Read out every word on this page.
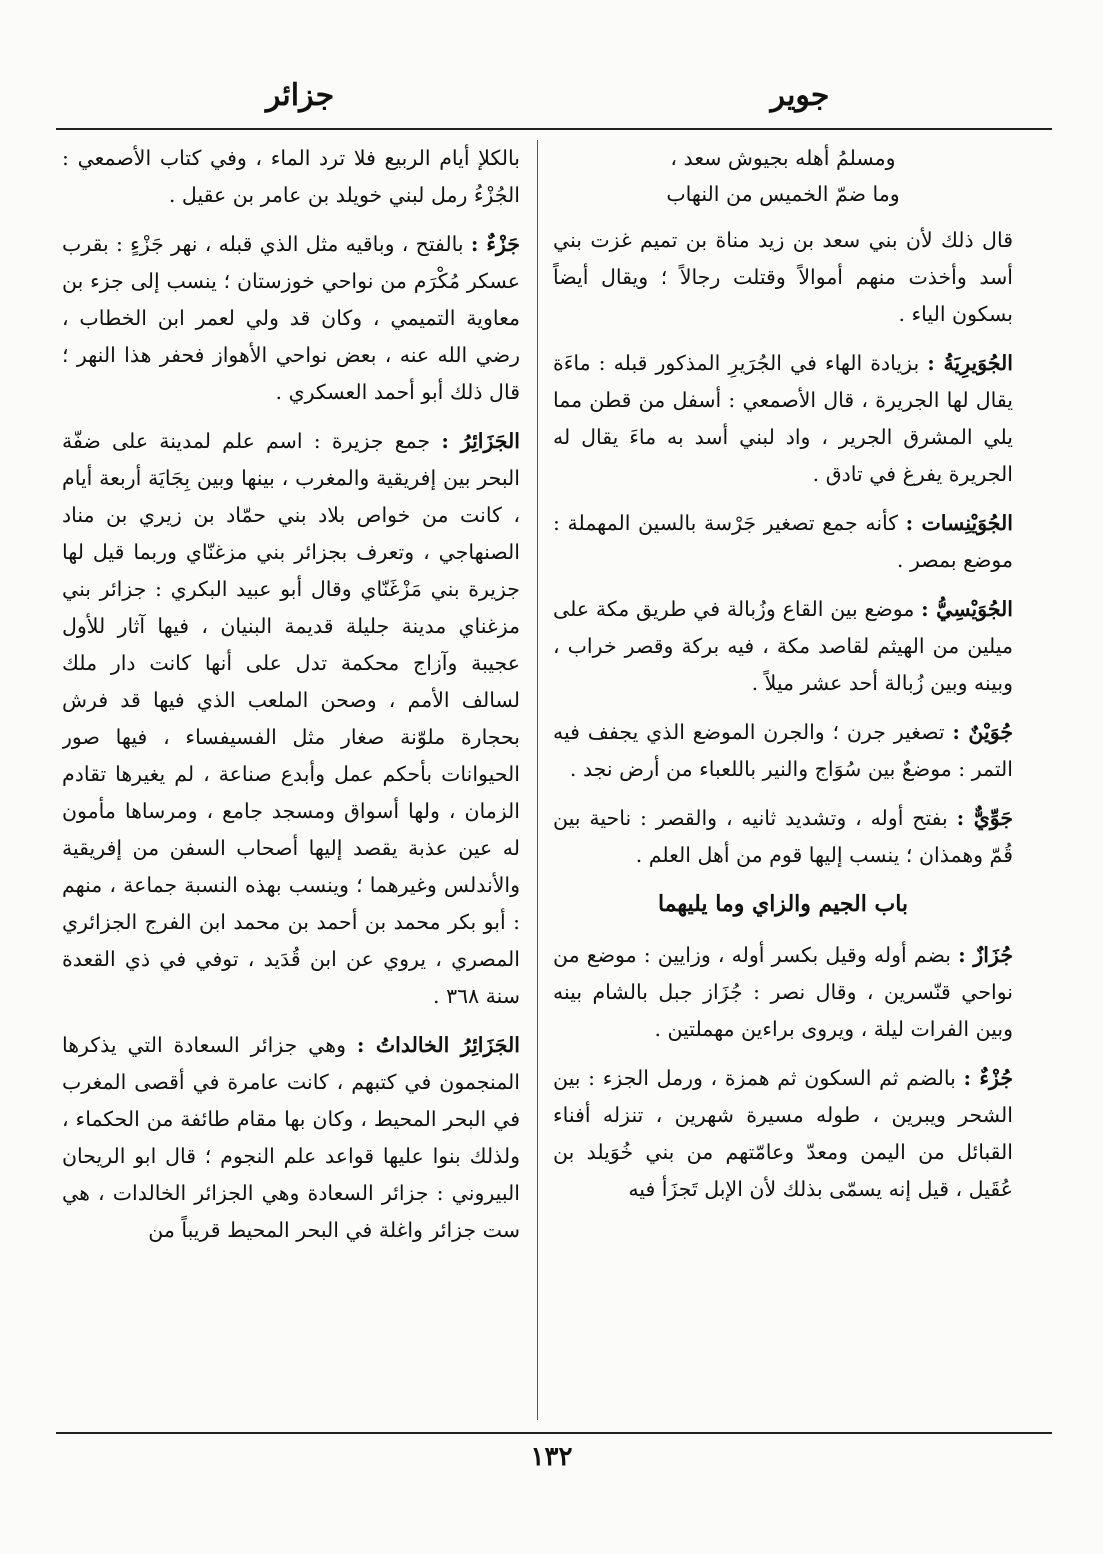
جوير
جزائر
ومسلمُ أهله بجيوش سعد ،
وما ضمّ الخميس من النهاب

قال ذلك لأن بني سعد بن زيد مناة بن تميم غزت بني أسد وأخذت منهم أموالاً وقتلت رجالاً ؛ ويقال أيضاً بسكون الياء .

الجُوَيرِيَةُ : بزيادة الهاء في الجُرَيرِ المذكور قبله : ماءَة يقال لها الجريرة ، قال الأصمعي : أسفل من قطن مما يلي المشرق الجرير ، واد لبني أسد به ماءَ يقال له الجريرة يفرغ في تادق .

الجُوَيْنِسات : كأنه جمع تصغير جَرْسة بالسين المهملة : موضع بمصر .

الجُوَيْسِيُّ : موضع بين القاع وزُبالة في طريق مكة على ميلين من الهيثم لقاصد مكة ، فيه بركة وقصر خراب ، وبينه وبين زُبالة أحد عشر ميلاً .

جُوَيْنٌ : تصغير جرن ؛ والجرن الموضع الذي يجفف فيه التمر : موضعٌ بين سُوَاج والنير باللعباء من أرض نجد .

جَوِّيٌّ : بفتح أوله ، وتشديد ثانيه ، والقصر : ناحية بين قُمّ وهمذان ؛ ينسب إليها قوم من أهل العلم .

باب الجيم والزاي وما يليهما

جُزَازٌ : بضم أوله وقيل بكسر أوله ، وزايين : موضع من نواحي قنّسرين ، وقال نصر : جُزَاز جبل بالشام بينه وبين الفرات ليلة ، ويروى براءين مهملتين .

جُزْءٌ : بالضم ثم السكون ثم همزة ، ورمل الجزء : بين الشحر ويبرين ، طوله مسيرة شهرين ، تنزله أفناء القبائل من اليمن ومعدّ وعامّتهم من بني خُوَيلد بن عُقَيل ، قيل إنه يسمّى بذلك لأن الإبل تَجزَأ فيه

بالكلإ أيام الربيع فلا ترد الماء ، وفي كتاب الأصمعي : الجُزْءُ رمل لبني خويلد بن عامر بن عقيل .

جَزْءٌ : بالفتح ، وباقيه مثل الذي قبله ، نهر جَزْءٍ : بقرب عسكر مُكْرَم من نواحي خوزستان ؛ ينسب إلى جزء بن معاوية التميمي ، وكان قد ولي لعمر ابن الخطاب ، رضي الله عنه ، بعض نواحي الأهواز فحفر هذا النهر ؛ قال ذلك أبو أحمد العسكري .

الجَزَائِرُ : جمع جزيرة : اسم علم لمدينة على ضفّة البحر بين إفريقية والمغرب ، بينها وبين بِجَايَة أربعة أيام ، كانت من خواص بلاد بني حمّاد بن زيري بن مناد الصنهاجي ، وتعرف بجزائر بني مزغنّاي وربما قيل لها جزيرة بني مَزْغَنّاي وقال أبو عبيد البكري : جزائر بني مزغناي مدينة جليلة قديمة البنيان ، فيها آثار للأول عجيبة وآزاج محكمة تدل على أنها كانت دار ملك لسالف الأمم ، وصحن الملعب الذي فيها قد فرش بحجارة ملوّنة صغار مثل الفسيفساء ، فيها صور الحيوانات بأحكم عمل وأبدع صناعة ، لم يغيرها تقادم الزمان ، ولها أسواق ومسجد جامع ، ومرساها مأمون له عين عذبة يقصد إليها أصحاب السفن من إفريقية والأندلس وغيرهما ؛ وينسب بهذه النسبة جماعة ، منهم : أبو بكر محمد بن أحمد بن محمد ابن الفرج الجزائري المصري ، يروي عن ابن قُدَيد ، توفي في ذي القعدة سنة ٣٦٨ .

الجَزَائِرُ الخالداتُ : وهي جزائر السعادة التي يذكرها المنجمون في كتبهم ، كانت عامرة في أقصى المغرب في البحر المحيط ، وكان بها مقام طائفة من الحكماء ، ولذلك بنوا عليها قواعد علم النجوم ؛ قال ابو الريحان البيروني : جزائر السعادة وهي الجزائر الخالدات ، هي ست جزائر واغلة في البحر المحيط قريباً من

١٣٢
